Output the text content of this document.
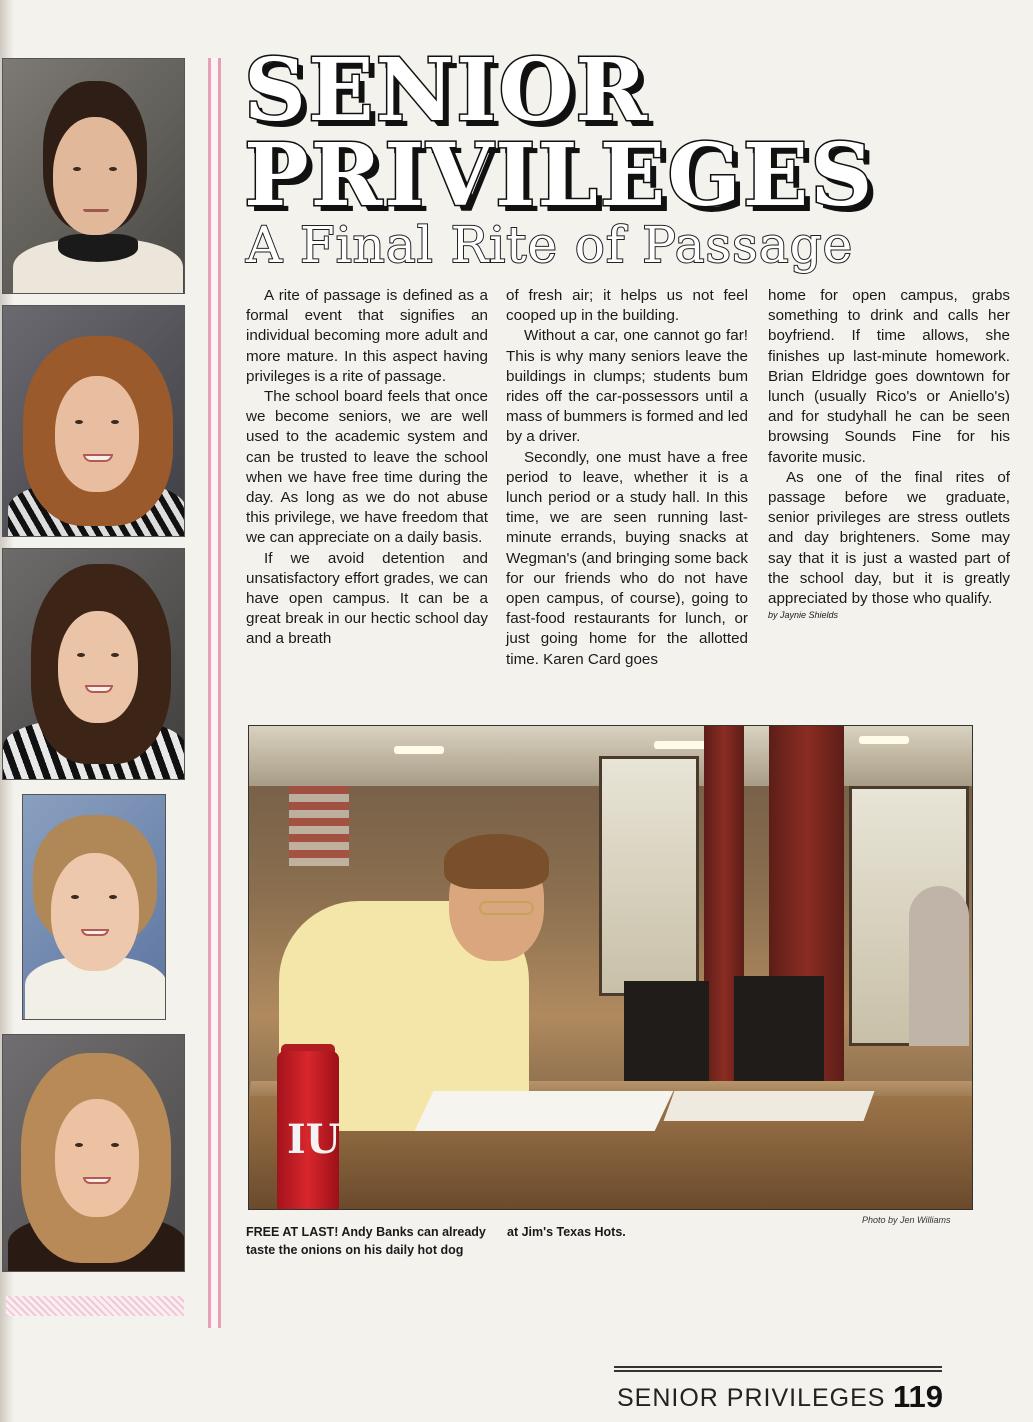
SENIOR
PRIVILEGES
A Final Rite of Passage

A rite of passage is defined as a formal event that signifies an individual becoming more adult and more mature. In this aspect having privileges is a rite of passage.

The school board feels that once we become seniors, we are well used to the academic system and can be trusted to leave the school when we have free time during the day. As long as we do not abuse this privilege, we have freedom that we can appreciate on a daily basis.

If we avoid detention and unsatisfactory effort grades, we can have open campus. It can be a great break in our hectic school day and a breath

of fresh air; it helps us not feel cooped up in the building.

Without a car, one cannot go far! This is why many seniors leave the buildings in clumps; students bum rides off the car-possessors until a mass of bummers is formed and led by a driver.

Secondly, one must have a free period to leave, whether it is a lunch period or a study hall. In this time, we are seen running last-minute errands, buying snacks at Wegman's (and bringing some back for our friends who do not have open campus, of course), going to fast-food restaurants for lunch, or just going home for the allotted time. Karen Card goes

home for open campus, grabs something to drink and calls her boyfriend. If time allows, she finishes up last-minute homework. Brian Eldridge goes downtown for lunch (usually Rico's or Aniello's) and for studyhall he can be seen browsing Sounds Fine for his favorite music.

As one of the final rites of passage before we graduate, senior privileges are stress outlets and day brighteners. Some may say that it is just a wasted part of the school day, but it is greatly appreciated by those who qualify.

by Jaynie Shields

IU
Photo by Jen Williams
FREE AT LAST! Andy Banks can already taste the onions on his daily hot dog
at Jim's Texas Hots.
SENIOR PRIVILEGES 119
